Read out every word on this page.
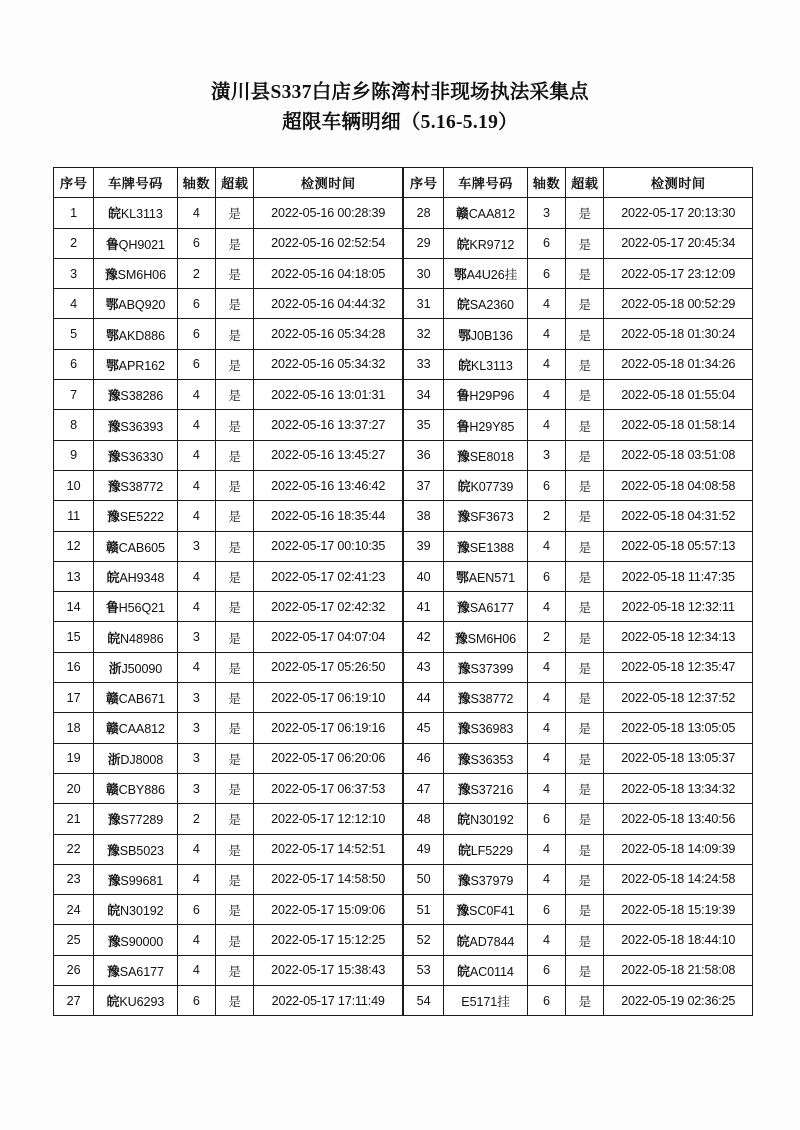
潢川县S337白店乡陈湾村非现场执法采集点
超限车辆明细（5.16-5.19）
序号	车牌号码	轴数	超载	检测时间
1	皖KL3113	4	是	2022-05-16 00:28:39
2	鲁QH9021	6	是	2022-05-16 02:52:54
3	豫SM6H06	2	是	2022-05-16 04:18:05
4	鄂ABQ920	6	是	2022-05-16 04:44:32
5	鄂AKD886	6	是	2022-05-16 05:34:28
6	鄂APR162	6	是	2022-05-16 05:34:32
7	豫S38286	4	是	2022-05-16 13:01:31
8	豫S36393	4	是	2022-05-16 13:37:27
9	豫S36330	4	是	2022-05-16 13:45:27
10	豫S38772	4	是	2022-05-16 13:46:42
11	豫SE5222	4	是	2022-05-16 18:35:44
12	赣CAB605	3	是	2022-05-17 00:10:35
13	皖AH9348	4	是	2022-05-17 02:41:23
14	鲁H56Q21	4	是	2022-05-17 02:42:32
15	皖N48986	3	是	2022-05-17 04:07:04
16	浙J50090	4	是	2022-05-17 05:26:50
17	赣CAB671	3	是	2022-05-17 06:19:10
18	赣CAA812	3	是	2022-05-17 06:19:16
19	浙DJ8008	3	是	2022-05-17 06:20:06
20	赣CBY886	3	是	2022-05-17 06:37:53
21	豫S77289	2	是	2022-05-17 12:12:10
22	豫SB5023	4	是	2022-05-17 14:52:51
23	豫S99681	4	是	2022-05-17 14:58:50
24	皖N30192	6	是	2022-05-17 15:09:06
25	豫S90000	4	是	2022-05-17 15:12:25
26	豫SA6177	4	是	2022-05-17 15:38:43
27	皖KU6293	6	是	2022-05-17 17:11:49
序号	车牌号码	轴数	超载	检测时间
28	赣CAA812	3	是	2022-05-17 20:13:30
29	皖KR9712	6	是	2022-05-17 20:45:34
30	鄂A4U26挂	6	是	2022-05-17 23:12:09
31	皖SA2360	4	是	2022-05-18 00:52:29
32	鄂J0B136	4	是	2022-05-18 01:30:24
33	皖KL3113	4	是	2022-05-18 01:34:26
34	鲁H29P96	4	是	2022-05-18 01:55:04
35	鲁H29Y85	4	是	2022-05-18 01:58:14
36	豫SE8018	3	是	2022-05-18 03:51:08
37	皖K07739	6	是	2022-05-18 04:08:58
38	豫SF3673	2	是	2022-05-18 04:31:52
39	豫SE1388	4	是	2022-05-18 05:57:13
40	鄂AEN571	6	是	2022-05-18 11:47:35
41	豫SA6177	4	是	2022-05-18 12:32:11
42	豫SM6H06	2	是	2022-05-18 12:34:13
43	豫S37399	4	是	2022-05-18 12:35:47
44	豫S38772	4	是	2022-05-18 12:37:52
45	豫S36983	4	是	2022-05-18 13:05:05
46	豫S36353	4	是	2022-05-18 13:05:37
47	豫S37216	4	是	2022-05-18 13:34:32
48	皖N30192	6	是	2022-05-18 13:40:56
49	皖LF5229	4	是	2022-05-18 14:09:39
50	豫S37979	4	是	2022-05-18 14:24:58
51	豫SC0F41	6	是	2022-05-18 15:19:39
52	皖AD7844	4	是	2022-05-18 18:44:10
53	皖AC0114	6	是	2022-05-18 21:58:08
54	E5171挂	6	是	2022-05-19 02:36:25
